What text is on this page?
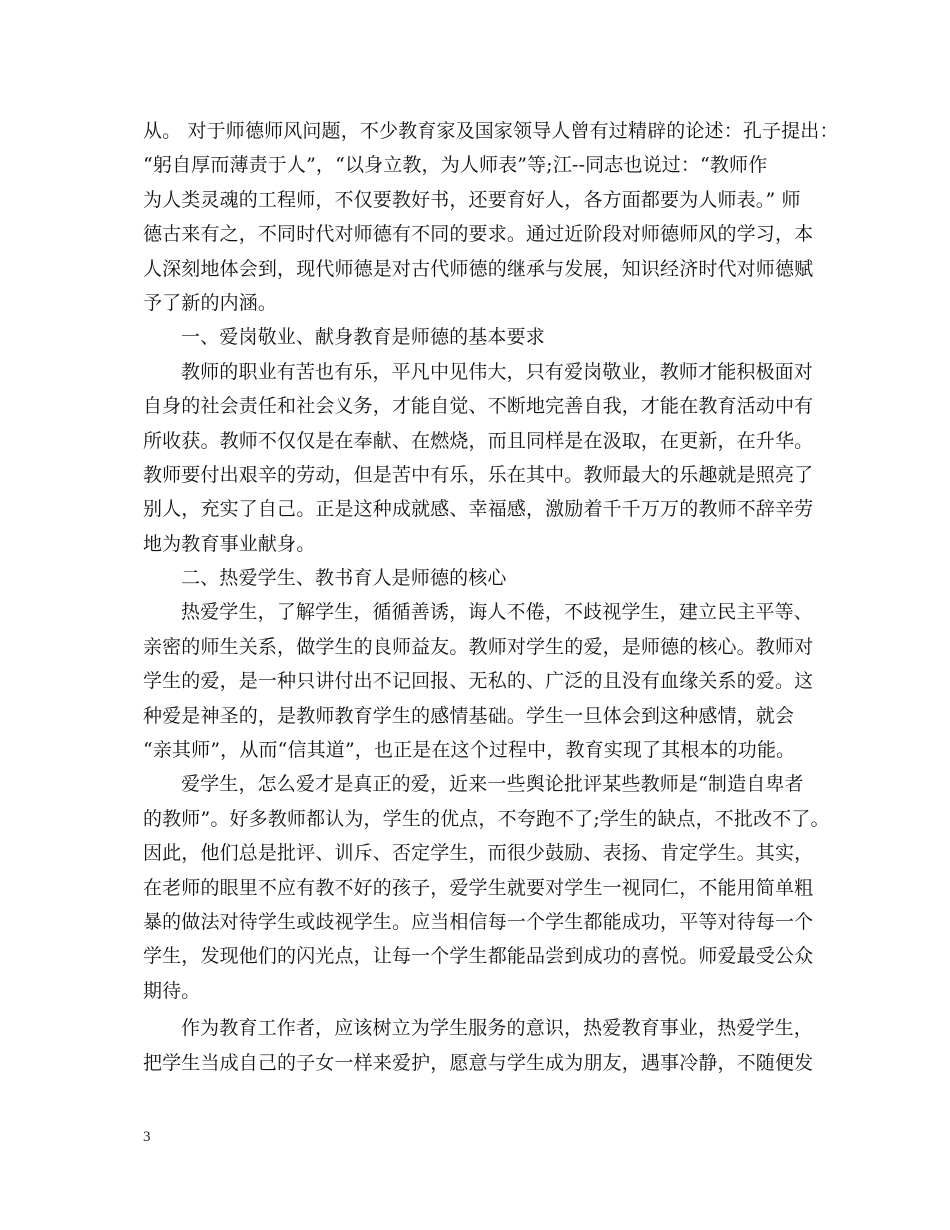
从。 对于师德师风问题，不少教育家及国家领导人曾有过精辟的论述：孔子提出：
“躬自厚而薄责于人”，“以身立教，为人师表”等;江--同志也说过：“教师作
为人类灵魂的工程师，不仅要教好书，还要育好人，各方面都要为人师表。” 师
德古来有之，不同时代对师德有不同的要求。通过近阶段对师德师风的学习，本
人深刻地体会到，现代师德是对古代师德的继承与发展，知识经济时代对师德赋
予了新的内涵。
一、爱岗敬业、献身教育是师德的基本要求
教师的职业有苦也有乐，平凡中见伟大，只有爱岗敬业，教师才能积极面对
自身的社会责任和社会义务，才能自觉、不断地完善自我，才能在教育活动中有
所收获。教师不仅仅是在奉献、在燃烧，而且同样是在汲取，在更新，在升华。
教师要付出艰辛的劳动，但是苦中有乐，乐在其中。教师最大的乐趣就是照亮了
别人，充实了自己。正是这种成就感、幸福感，激励着千千万万的教师不辞辛劳
地为教育事业献身。
二、热爱学生、教书育人是师德的核心
热爱学生，了解学生，循循善诱，诲人不倦，不歧视学生，建立民主平等、
亲密的师生关系，做学生的良师益友。教师对学生的爱，是师德的核心。教师对
学生的爱，是一种只讲付出不记回报、无私的、广泛的且没有血缘关系的爱。这
种爱是神圣的，是教师教育学生的感情基础。学生一旦体会到这种感情，就会
“亲其师”，从而“信其道”，也正是在这个过程中，教育实现了其根本的功能。
爱学生，怎么爱才是真正的爱，近来一些舆论批评某些教师是“制造自卑者
的教师”。好多教师都认为，学生的优点，不夸跑不了;学生的缺点，不批改不了。
因此，他们总是批评、训斥、否定学生，而很少鼓励、表扬、肯定学生。其实，
在老师的眼里不应有教不好的孩子，爱学生就要对学生一视同仁，不能用简单粗
暴的做法对待学生或歧视学生。应当相信每一个学生都能成功，平等对待每一个
学生，发现他们的闪光点，让每一个学生都能品尝到成功的喜悦。师爱最受公众
期待。
作为教育工作者，应该树立为学生服务的意识，热爱教育事业，热爱学生，
把学生当成自己的子女一样来爱护，愿意与学生成为朋友，遇事冷静，不随便发
3
